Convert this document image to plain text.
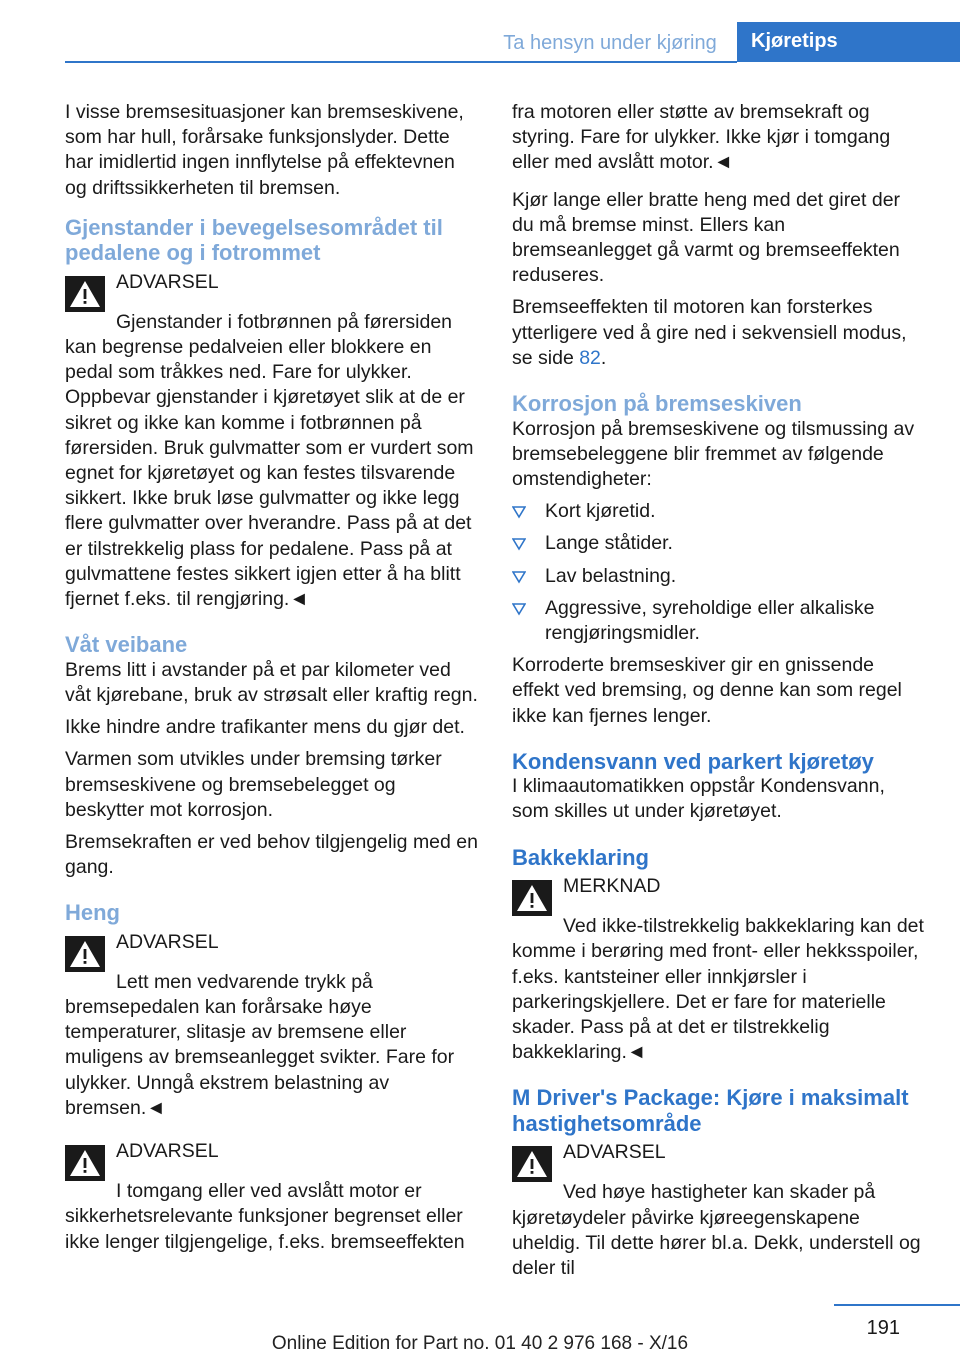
Ta hensyn under kjøring	Kjøretips

I visse bremsesituasjoner kan bremseskivene, som har hull, forårsake funksjonslyder. Dette har imidlertid ingen innflytelse på effektevnen og driftssikkerheten til bremsen.

Gjenstander i bevegelsesområdet til pedalene og i fotrommet
ADVARSEL

Gjenstander i fotbrønnen på førersiden kan begrense pedalveien eller blokkere en pedal som tråkkes ned. Fare for ulykker. Oppbevar gjenstander i kjøretøyet slik at de er sikret og ikke kan komme i fotbrønnen på førersiden. Bruk gulvmatter som er vurdert som egnet for kjøretøyet og kan festes tilsvarende sikkert. Ikke bruk løse gulvmatter og ikke legg flere gulvmatter over hverandre. Pass på at det er tilstrekkelig plass for pedalene. Pass på at gulvmattene festes sikkert igjen etter å ha blitt fjernet f.eks. til rengjøring.◄

Våt veibane

Brems litt i avstander på et par kilometer ved våt kjørebane, bruk av strøsalt eller kraftig regn.

Ikke hindre andre trafikanter mens du gjør det.

Varmen som utvikles under bremsing tørker bremseskivene og bremsebelegget og beskytter mot korrosjon.

Bremsekraften er ved behov tilgjengelig med en gang.

Heng
ADVARSEL

Lett men vedvarende trykk på bremsepedalen kan forårsake høye temperaturer, slitasje av bremsene eller muligens av bremseanlegget svikter. Fare for ulykker. Unngå ekstrem belastning av bremsen.◄

ADVARSEL

I tomgang eller ved avslått motor er sikkerhetsrelevante funksjoner begrenset eller ikke lenger tilgjengelige, f.eks. bremseeffekten

fra motoren eller støtte av bremsekraft og styring. Fare for ulykker. Ikke kjør i tomgang eller med avslått motor.◄

Kjør lange eller bratte heng med det giret der du må bremse minst. Ellers kan bremseanlegget gå varmt og bremseeffekten reduseres.

Bremseeffekten til motoren kan forsterkes ytterligere ved å gire ned i sekvensiell modus, se side 82.

Korrosjon på bremseskiven

Korrosjon på bremseskivene og tilsmussing av bremsebeleggene blir fremmet av følgende omstendigheter:

Kort kjøretid.
Lange ståtider.
Lav belastning.
Aggressive, syreholdige eller alkaliske rengjøringsmidler.

Korroderte bremseskiver gir en gnissende effekt ved bremsing, og denne kan som regel ikke kan fjernes lenger.

Kondensvann ved parkert kjøretøy

I klimaautomatikken oppstår Kondensvann, som skilles ut under kjøretøyet.

Bakkeklaring
MERKNAD

Ved ikke-tilstrekkelig bakkeklaring kan det komme i berøring med front- eller hekksspoiler, f.eks. kantsteiner eller innkjørsler i parkeringskjellere. Det er fare for materielle skader. Pass på at det er tilstrekkelig bakkeklaring.◄

M Driver's Package: Kjøre i maksimalt hastighetsområde
ADVARSEL

Ved høye hastigheter kan skader på kjøretøydeler påvirke kjøreegenskapene uheldig. Til dette hører bl.a. Dekk, understell og deler til

191
Online Edition for Part no. 01 40 2 976 168 - X/16
